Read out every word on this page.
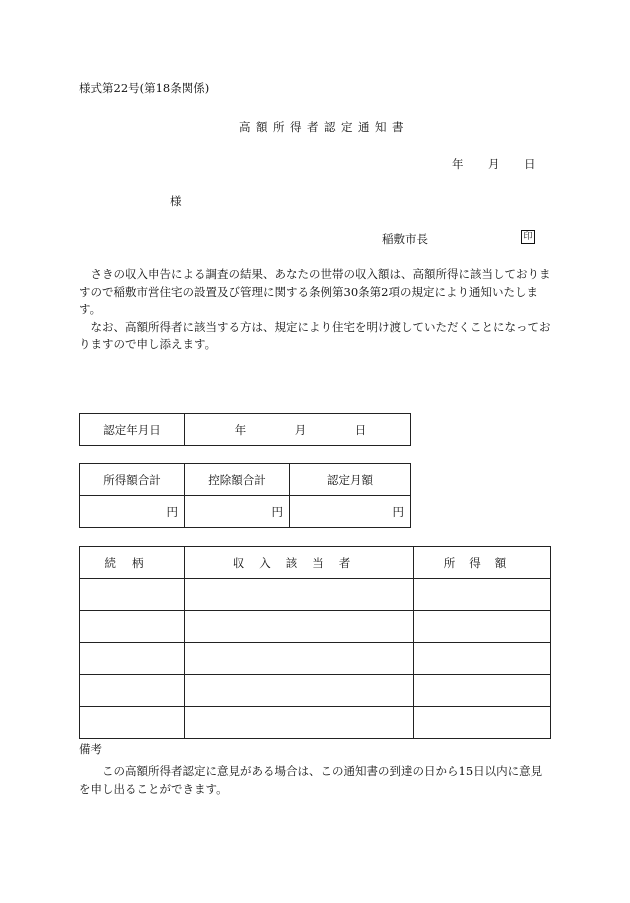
様式第22号(第18条関係)
高額所得者認定通知書
年 月 日
様
稲敷市長	印

さきの収入申告による調査の結果、あなたの世帯の収入額は、高額所得に該当しておりますので稲敷市営住宅の設置及び管理に関する条例第30条第2項の規定により通知いたします。

なお、高額所得者に該当する方は、規定により住宅を明け渡していただくことになっておりますので申し添えます。

認定年月日	年	月	日
所得額合計	控除額合計	認定月額
円	円	円
続柄	収入該当者	所得額

備考

この高額所得者認定に意見がある場合は、この通知書の到達の日から15日以内に意見を申し出ることができます。
